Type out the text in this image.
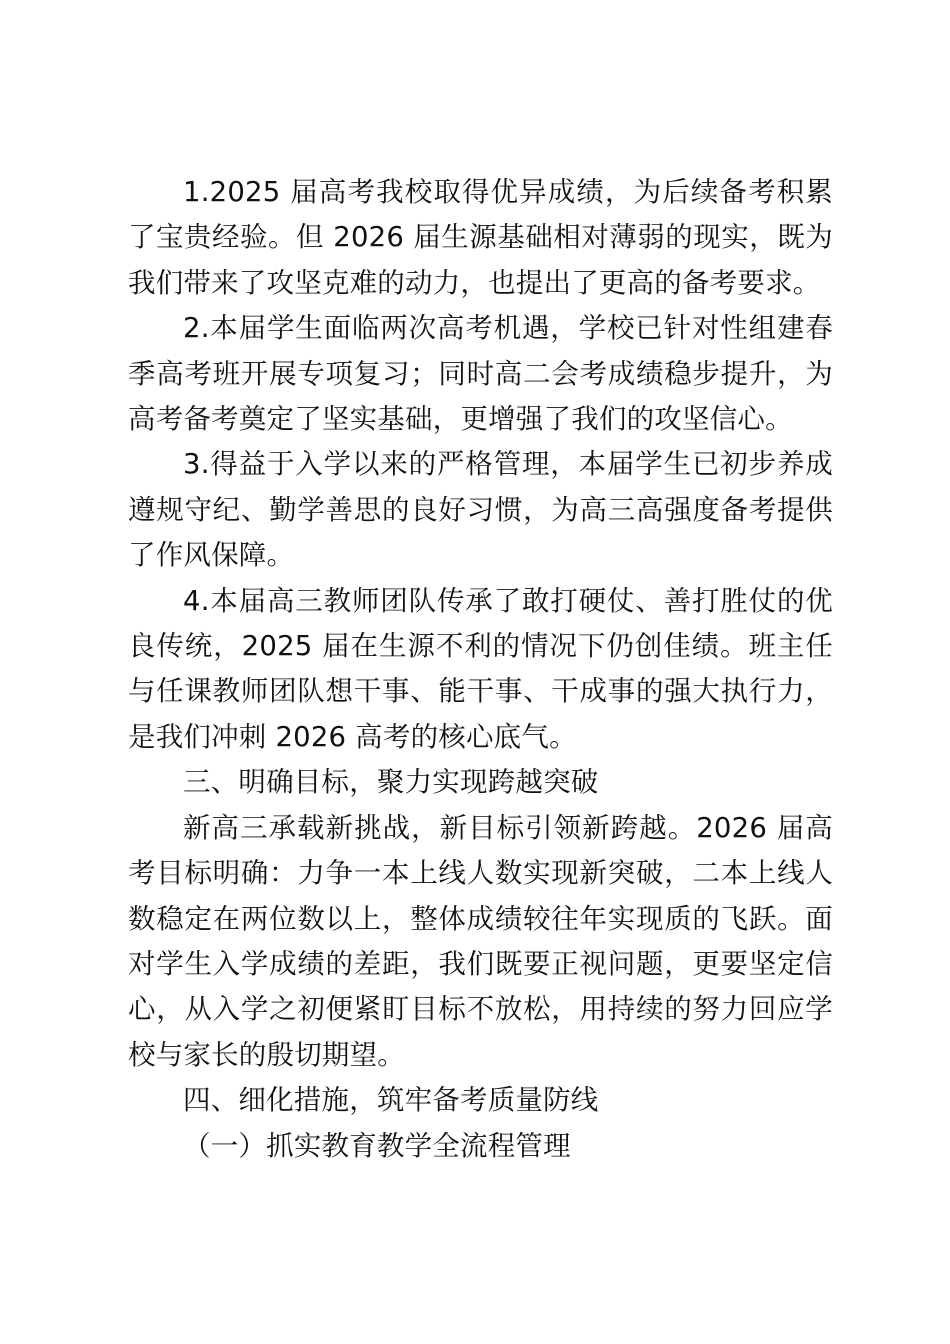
1.2025 届高考我校取得优异成绩，为后续备考积累了宝贵经验。但 2026 届生源基础相对薄弱的现实，既为我们带来了攻坚克难的动力，也提出了更高的备考要求。

2.本届学生面临两次高考机遇，学校已针对性组建春季高考班开展专项复习；同时高二会考成绩稳步提升，为高考备考奠定了坚实基础，更增强了我们的攻坚信心。

3.得益于入学以来的严格管理，本届学生已初步养成遵规守纪、勤学善思的良好习惯，为高三高强度备考提供了作风保障。

4.本届高三教师团队传承了敢打硬仗、善打胜仗的优良传统，2025 届在生源不利的情况下仍创佳绩。班主任与任课教师团队想干事、能干事、干成事的强大执行力，是我们冲刺 2026 高考的核心底气。

三、明确目标，聚力实现跨越突破

新高三承载新挑战，新目标引领新跨越。2026 届高考目标明确：力争一本上线人数实现新突破，二本上线人数稳定在两位数以上，整体成绩较往年实现质的飞跃。面对学生入学成绩的差距，我们既要正视问题，更要坚定信心，从入学之初便紧盯目标不放松，用持续的努力回应学校与家长的殷切期望。

四、细化措施，筑牢备考质量防线

（一）抓实教育教学全流程管理
